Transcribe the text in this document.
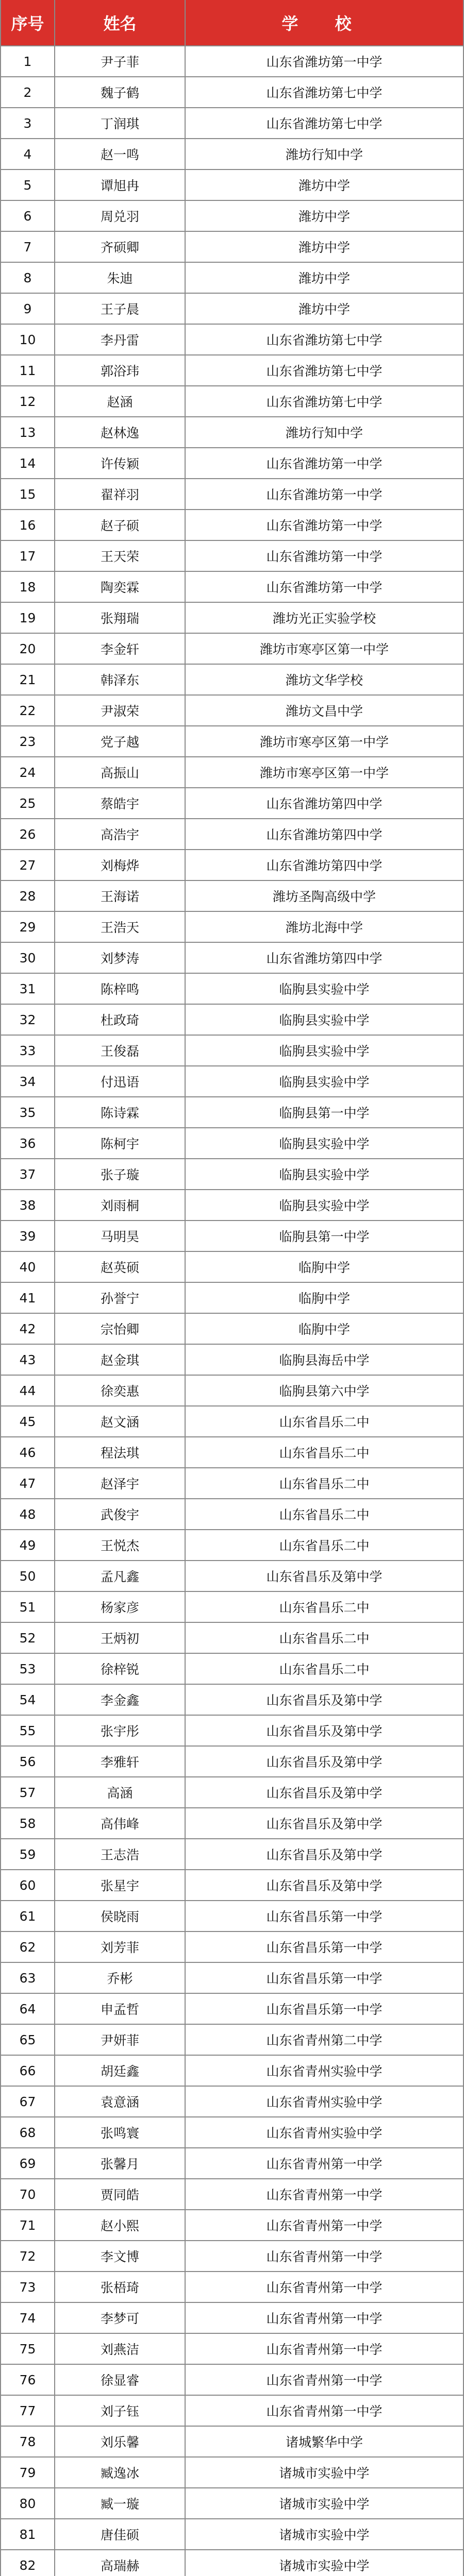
序号	姓名	学 校
1	尹子菲	山东省潍坊第一中学
2	魏子鹤	山东省潍坊第七中学
3	丁润琪	山东省潍坊第七中学
4	赵一鸣	潍坊行知中学
5	谭旭冉	潍坊中学
6	周兑羽	潍坊中学
7	齐硕卿	潍坊中学
8	朱迪	潍坊中学
9	王子晨	潍坊中学
10	李丹雷	山东省潍坊第七中学
11	郭浴玮	山东省潍坊第七中学
12	赵涵	山东省潍坊第七中学
13	赵林逸	潍坊行知中学
14	许传颖	山东省潍坊第一中学
15	翟祥羽	山东省潍坊第一中学
16	赵子硕	山东省潍坊第一中学
17	王天荣	山东省潍坊第一中学
18	陶奕霖	山东省潍坊第一中学
19	张翔瑞	潍坊光正实验学校
20	李金轩	潍坊市寒亭区第一中学
21	韩泽东	潍坊文华学校
22	尹淑荣	潍坊文昌中学
23	党子越	潍坊市寒亭区第一中学
24	高振山	潍坊市寒亭区第一中学
25	蔡皓宇	山东省潍坊第四中学
26	高浩宇	山东省潍坊第四中学
27	刘梅烨	山东省潍坊第四中学
28	王海诺	潍坊圣陶高级中学
29	王浩天	潍坊北海中学
30	刘梦涛	山东省潍坊第四中学
31	陈梓鸣	临朐县实验中学
32	杜政琦	临朐县实验中学
33	王俊磊	临朐县实验中学
34	付迅语	临朐县实验中学
35	陈诗霖	临朐县第一中学
36	陈柯宇	临朐县实验中学
37	张子璇	临朐县实验中学
38	刘雨桐	临朐县实验中学
39	马明昊	临朐县第一中学
40	赵英硕	临朐中学
41	孙誉宁	临朐中学
42	宗怡卿	临朐中学
43	赵金琪	临朐县海岳中学
44	徐奕惠	临朐县第六中学
45	赵文涵	山东省昌乐二中
46	程法琪	山东省昌乐二中
47	赵泽宇	山东省昌乐二中
48	武俊宇	山东省昌乐二中
49	王悦杰	山东省昌乐二中
50	孟凡鑫	山东省昌乐及第中学
51	杨家彦	山东省昌乐二中
52	王炳初	山东省昌乐二中
53	徐梓锐	山东省昌乐二中
54	李金鑫	山东省昌乐及第中学
55	张宇彤	山东省昌乐及第中学
56	李雅轩	山东省昌乐及第中学
57	高涵	山东省昌乐及第中学
58	高伟峰	山东省昌乐及第中学
59	王志浩	山东省昌乐及第中学
60	张星宇	山东省昌乐及第中学
61	侯晓雨	山东省昌乐第一中学
62	刘芳菲	山东省昌乐第一中学
63	乔彬	山东省昌乐第一中学
64	申孟哲	山东省昌乐第一中学
65	尹妍菲	山东省青州第二中学
66	胡廷鑫	山东省青州实验中学
67	袁意涵	山东省青州实验中学
68	张鸣寰	山东省青州实验中学
69	张馨月	山东省青州第一中学
70	贾同皓	山东省青州第一中学
71	赵小熙	山东省青州第一中学
72	李文博	山东省青州第一中学
73	张梧琦	山东省青州第一中学
74	李梦可	山东省青州第一中学
75	刘燕洁	山东省青州第一中学
76	徐显睿	山东省青州第一中学
77	刘子钰	山东省青州第一中学
78	刘乐馨	诸城繁华中学
79	臧逸冰	诸城市实验中学
80	臧一璇	诸城市实验中学
81	唐佳硕	诸城市实验中学
82	高瑞赫	诸城市实验中学
